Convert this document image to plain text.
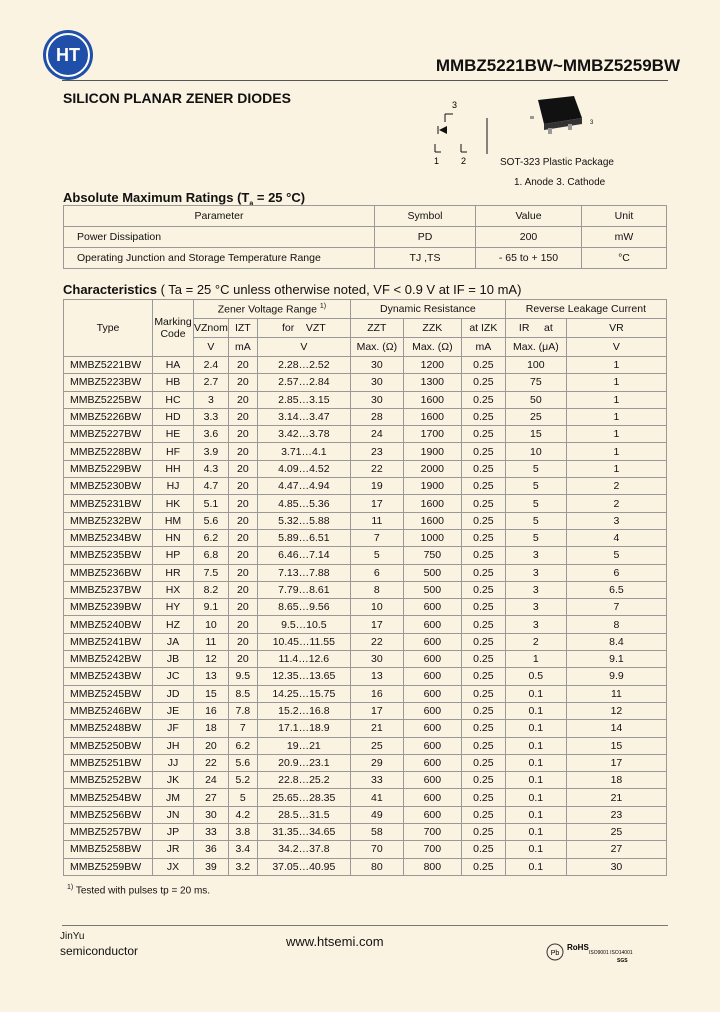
HT
MMBZ5221BW~MMBZ5259BW
SILICON PLANAR ZENER DIODES	3
1 2
3
SOT-323 Plastic Package
1. Anode 3. Cathode
Absolute Maximum Ratings ($T_a = 25$ °C)
Parameter	Symbol	Value	Unit
Power Dissipation	PD	200	mW
Operating Junction and Storage Temperature Range	TJ ,TS	- 65 to + 150	°C
Characteristics ( Ta = 25 °C unless otherwise noted, VF < 0.9 V at IF = 10 mA)
Type	Marking Code	Zener Voltage Range $^{1)}$			Dynamic Resistance			Reverse Leakage Current	
		VZnom	IZT	for VZT	ZZT	ZZK	at IZK	IR at	VR
		V	mA	V	Max. (Ω)	Max. (Ω)	mA	Max. (μA)	V
MMBZ5221BW	HA	2.4	20	2.28…2.52	30	1200	0.25	100	1
MMBZ5223BW	HB	2.7	20	2.57…2.84	30	1300	0.25	75	1
MMBZ5225BW	HC	3	20	2.85…3.15	30	1600	0.25	50	1
MMBZ5226BW	HD	3.3	20	3.14…3.47	28	1600	0.25	25	1
MMBZ5227BW	HE	3.6	20	3.42…3.78	24	1700	0.25	15	1
MMBZ5228BW	HF	3.9	20	3.71…4.1	23	1900	0.25	10	1
MMBZ5229BW	HH	4.3	20	4.09…4.52	22	2000	0.25	5	1
MMBZ5230BW	HJ	4.7	20	4.47…4.94	19	1900	0.25	5	2
MMBZ5231BW	HK	5.1	20	4.85…5.36	17	1600	0.25	5	2
MMBZ5232BW	HM	5.6	20	5.32…5.88	11	1600	0.25	5	3
MMBZ5234BW	HN	6.2	20	5.89…6.51	7	1000	0.25	5	4
MMBZ5235BW	HP	6.8	20	6.46…7.14	5	750	0.25	3	5
MMBZ5236BW	HR	7.5	20	7.13…7.88	6	500	0.25	3	6
MMBZ5237BW	HX	8.2	20	7.79…8.61	8	500	0.25	3	6.5
MMBZ5239BW	HY	9.1	20	8.65…9.56	10	600	0.25	3	7
MMBZ5240BW	HZ	10	20	9.5…10.5	17	600	0.25	3	8
MMBZ5241BW	JA	11	20	10.45…11.55	22	600	0.25	2	8.4
MMBZ5242BW	JB	12	20	11.4…12.6	30	600	0.25	1	9.1
MMBZ5243BW	JC	13	9.5	12.35…13.65	13	600	0.25	0.5	9.9
MMBZ5245BW	JD	15	8.5	14.25…15.75	16	600	0.25	0.1	11
MMBZ5246BW	JE	16	7.8	15.2…16.8	17	600	0.25	0.1	12
MMBZ5248BW	JF	18	7	17.1…18.9	21	600	0.25	0.1	14
MMBZ5250BW	JH	20	6.2	19…21	25	600	0.25	0.1	15
MMBZ5251BW	JJ	22	5.6	20.9…23.1	29	600	0.25	0.1	17
MMBZ5252BW	JK	24	5.2	22.8…25.2	33	600	0.25	0.1	18
MMBZ5254BW	JM	27	5	25.65…28.35	41	600	0.25	0.1	21
MMBZ5256BW	JN	30	4.2	28.5…31.5	49	600	0.25	0.1	23
MMBZ5257BW	JP	33	3.8	31.35…34.65	58	700	0.25	0.1	25
MMBZ5258BW	JR	36	3.4	34.2…37.8	70	700	0.25	0.1	27
MMBZ5259BW	JX	39	3.2	37.05…40.95	80	800	0.25	0.1	30
$^{1)}$ Tested with pulses tp = 20 ms.
JinYu
semiconductor
www.htsemi.com
Pb
RoHS
ISO9001 ISO14001
SGS
